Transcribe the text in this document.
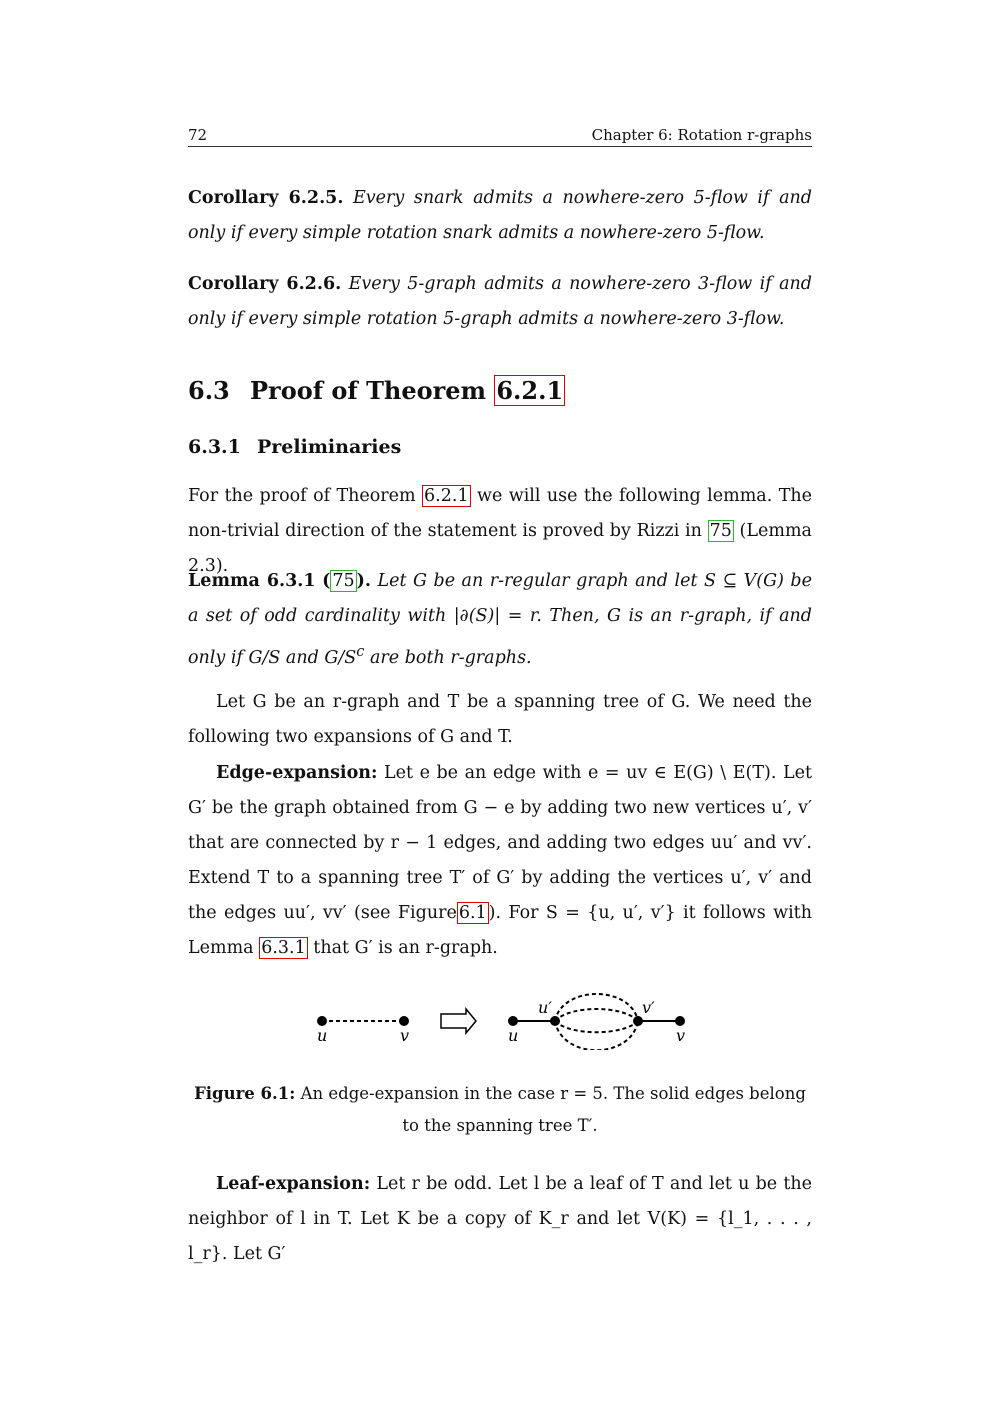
72	Chapter 6: Rotation r-graphs
Corollary 6.2.5. Every snark admits a nowhere-zero 5-flow if and only if every simple rotation snark admits a nowhere-zero 5-flow.
Corollary 6.2.6. Every 5-graph admits a nowhere-zero 3-flow if and only if every simple rotation 5-graph admits a nowhere-zero 3-flow.
6.3 Proof of Theorem 6.2.1
6.3.1 Preliminaries
For the proof of Theorem 6.2.1 we will use the following lemma. The non-trivial direction of the statement is proved by Rizzi in 75 (Lemma 2.3).
Lemma 6.3.1 ( 75 ). Let G be an r-regular graph and let S ⊆ V(G) be a set of odd cardinality with |∂(S)| = r. Then, G is an r-graph, if and only if G/S and $G/S^c$ are both r-graphs.
Let G be an r-graph and T be a spanning tree of G. We need the following two expansions of G and T.
Edge-expansion: Let e be an edge with e = uv ∈ E(G) \ E(T). Let G′ be the graph obtained from G − e by adding two new vertices u′, v′ that are connected by r − 1 edges, and adding two edges uu′ and vv′. Extend T to a spanning tree T′ of G′ by adding the vertices u′, v′ and the edges uu′, vv′ (see Figure 6.1 ). For S = {u, u′, v′} it follows with Lemma 6.3.1 that G′ is an r-graph.
u	v	u
u′	v′
v
Figure 6.1: An edge-expansion in the case r = 5. The solid edges belong to the spanning tree T′.
Leaf-expansion: Let r be odd. Let l be a leaf of T and let u be the neighbor of l in T. Let K be a copy of K_r and let V(K) = {l_1, . . . , l_r}. Let G′
